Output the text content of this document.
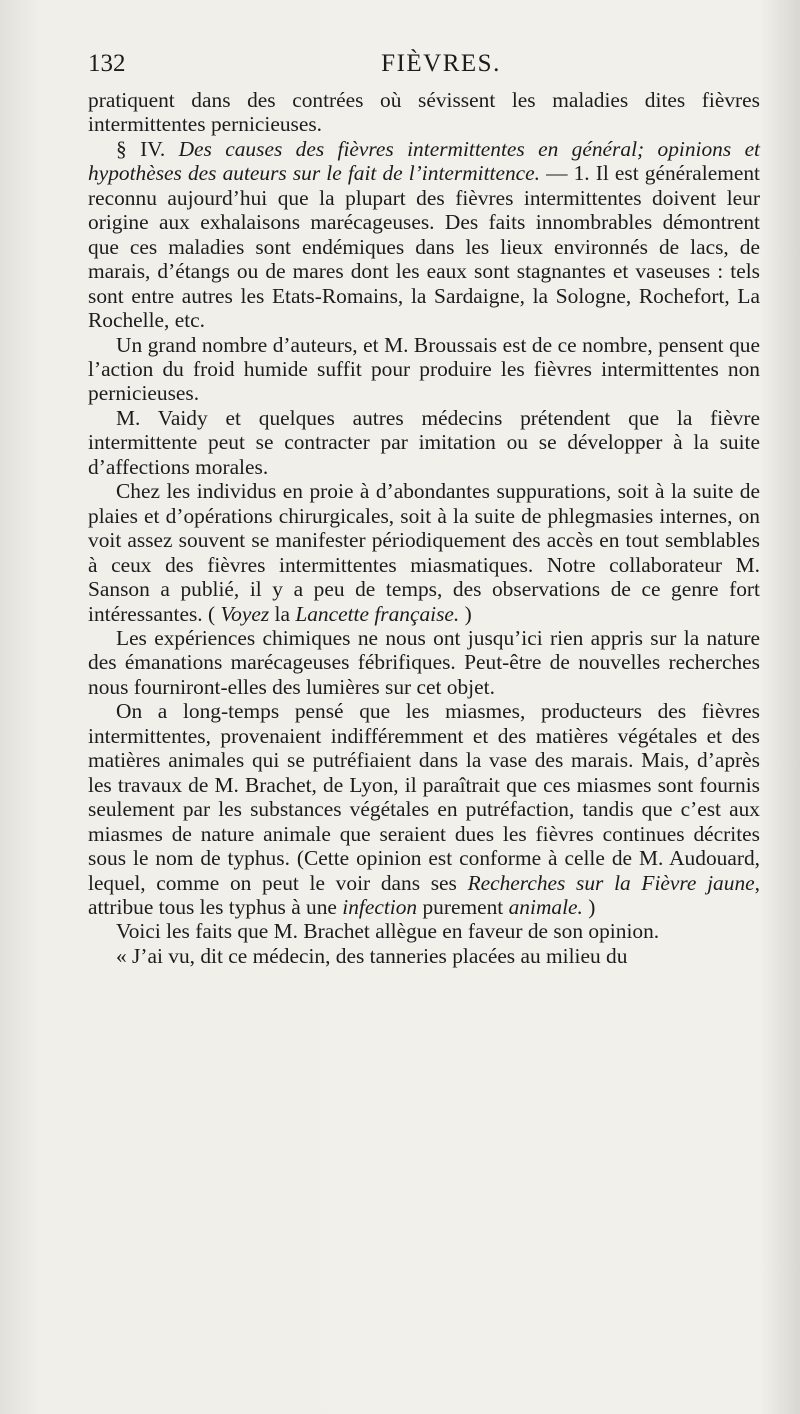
132	FIÈVRES.

pratiquent dans des contrées où sévissent les maladies dites fièvres intermittentes pernicieuses.

§ IV. Des causes des fièvres intermittentes en général; opinions et hypothèses des auteurs sur le fait de l’intermittence. — 1. Il est généralement reconnu aujourd’hui que la plupart des fièvres intermittentes doivent leur origine aux exhalaisons marécageuses. Des faits innombrables démontrent que ces maladies sont endémiques dans les lieux environnés de lacs, de marais, d’étangs ou de mares dont les eaux sont stagnantes et vaseuses : tels sont entre autres les Etats-Romains, la Sardaigne, la Sologne, Rochefort, La Rochelle, etc.

Un grand nombre d’auteurs, et M. Broussais est de ce nombre, pensent que l’action du froid humide suffit pour produire les fièvres intermittentes non pernicieuses.

M. Vaidy et quelques autres médecins prétendent que la fièvre intermittente peut se contracter par imitation ou se développer à la suite d’affections morales.

Chez les individus en proie à d’abondantes suppurations, soit à la suite de plaies et d’opérations chirurgicales, soit à la suite de phlegmasies internes, on voit assez souvent se manifester périodiquement des accès en tout semblables à ceux des fièvres intermittentes miasmatiques. Notre collaborateur M. Sanson a publié, il y a peu de temps, des observations de ce genre fort intéressantes. ( Voyez la Lancette française. )

Les expériences chimiques ne nous ont jusqu’ici rien appris sur la nature des émanations marécageuses fébrifiques. Peut-être de nouvelles recherches nous fourniront-elles des lumières sur cet objet.

On a long-temps pensé que les miasmes, producteurs des fièvres intermittentes, provenaient indifféremment et des matières végétales et des matières animales qui se putréfiaient dans la vase des marais. Mais, d’après les travaux de M. Brachet, de Lyon, il paraîtrait que ces miasmes sont fournis seulement par les substances végétales en putréfaction, tandis que c’est aux miasmes de nature animale que seraient dues les fièvres continues décrites sous le nom de typhus. (Cette opinion est conforme à celle de M. Audouard, lequel, comme on peut le voir dans ses Recherches sur la Fièvre jaune, attribue tous les typhus à une infection purement animale. )

Voici les faits que M. Brachet allègue en faveur de son opinion.

« J’ai vu, dit ce médecin, des tanneries placées au milieu du
